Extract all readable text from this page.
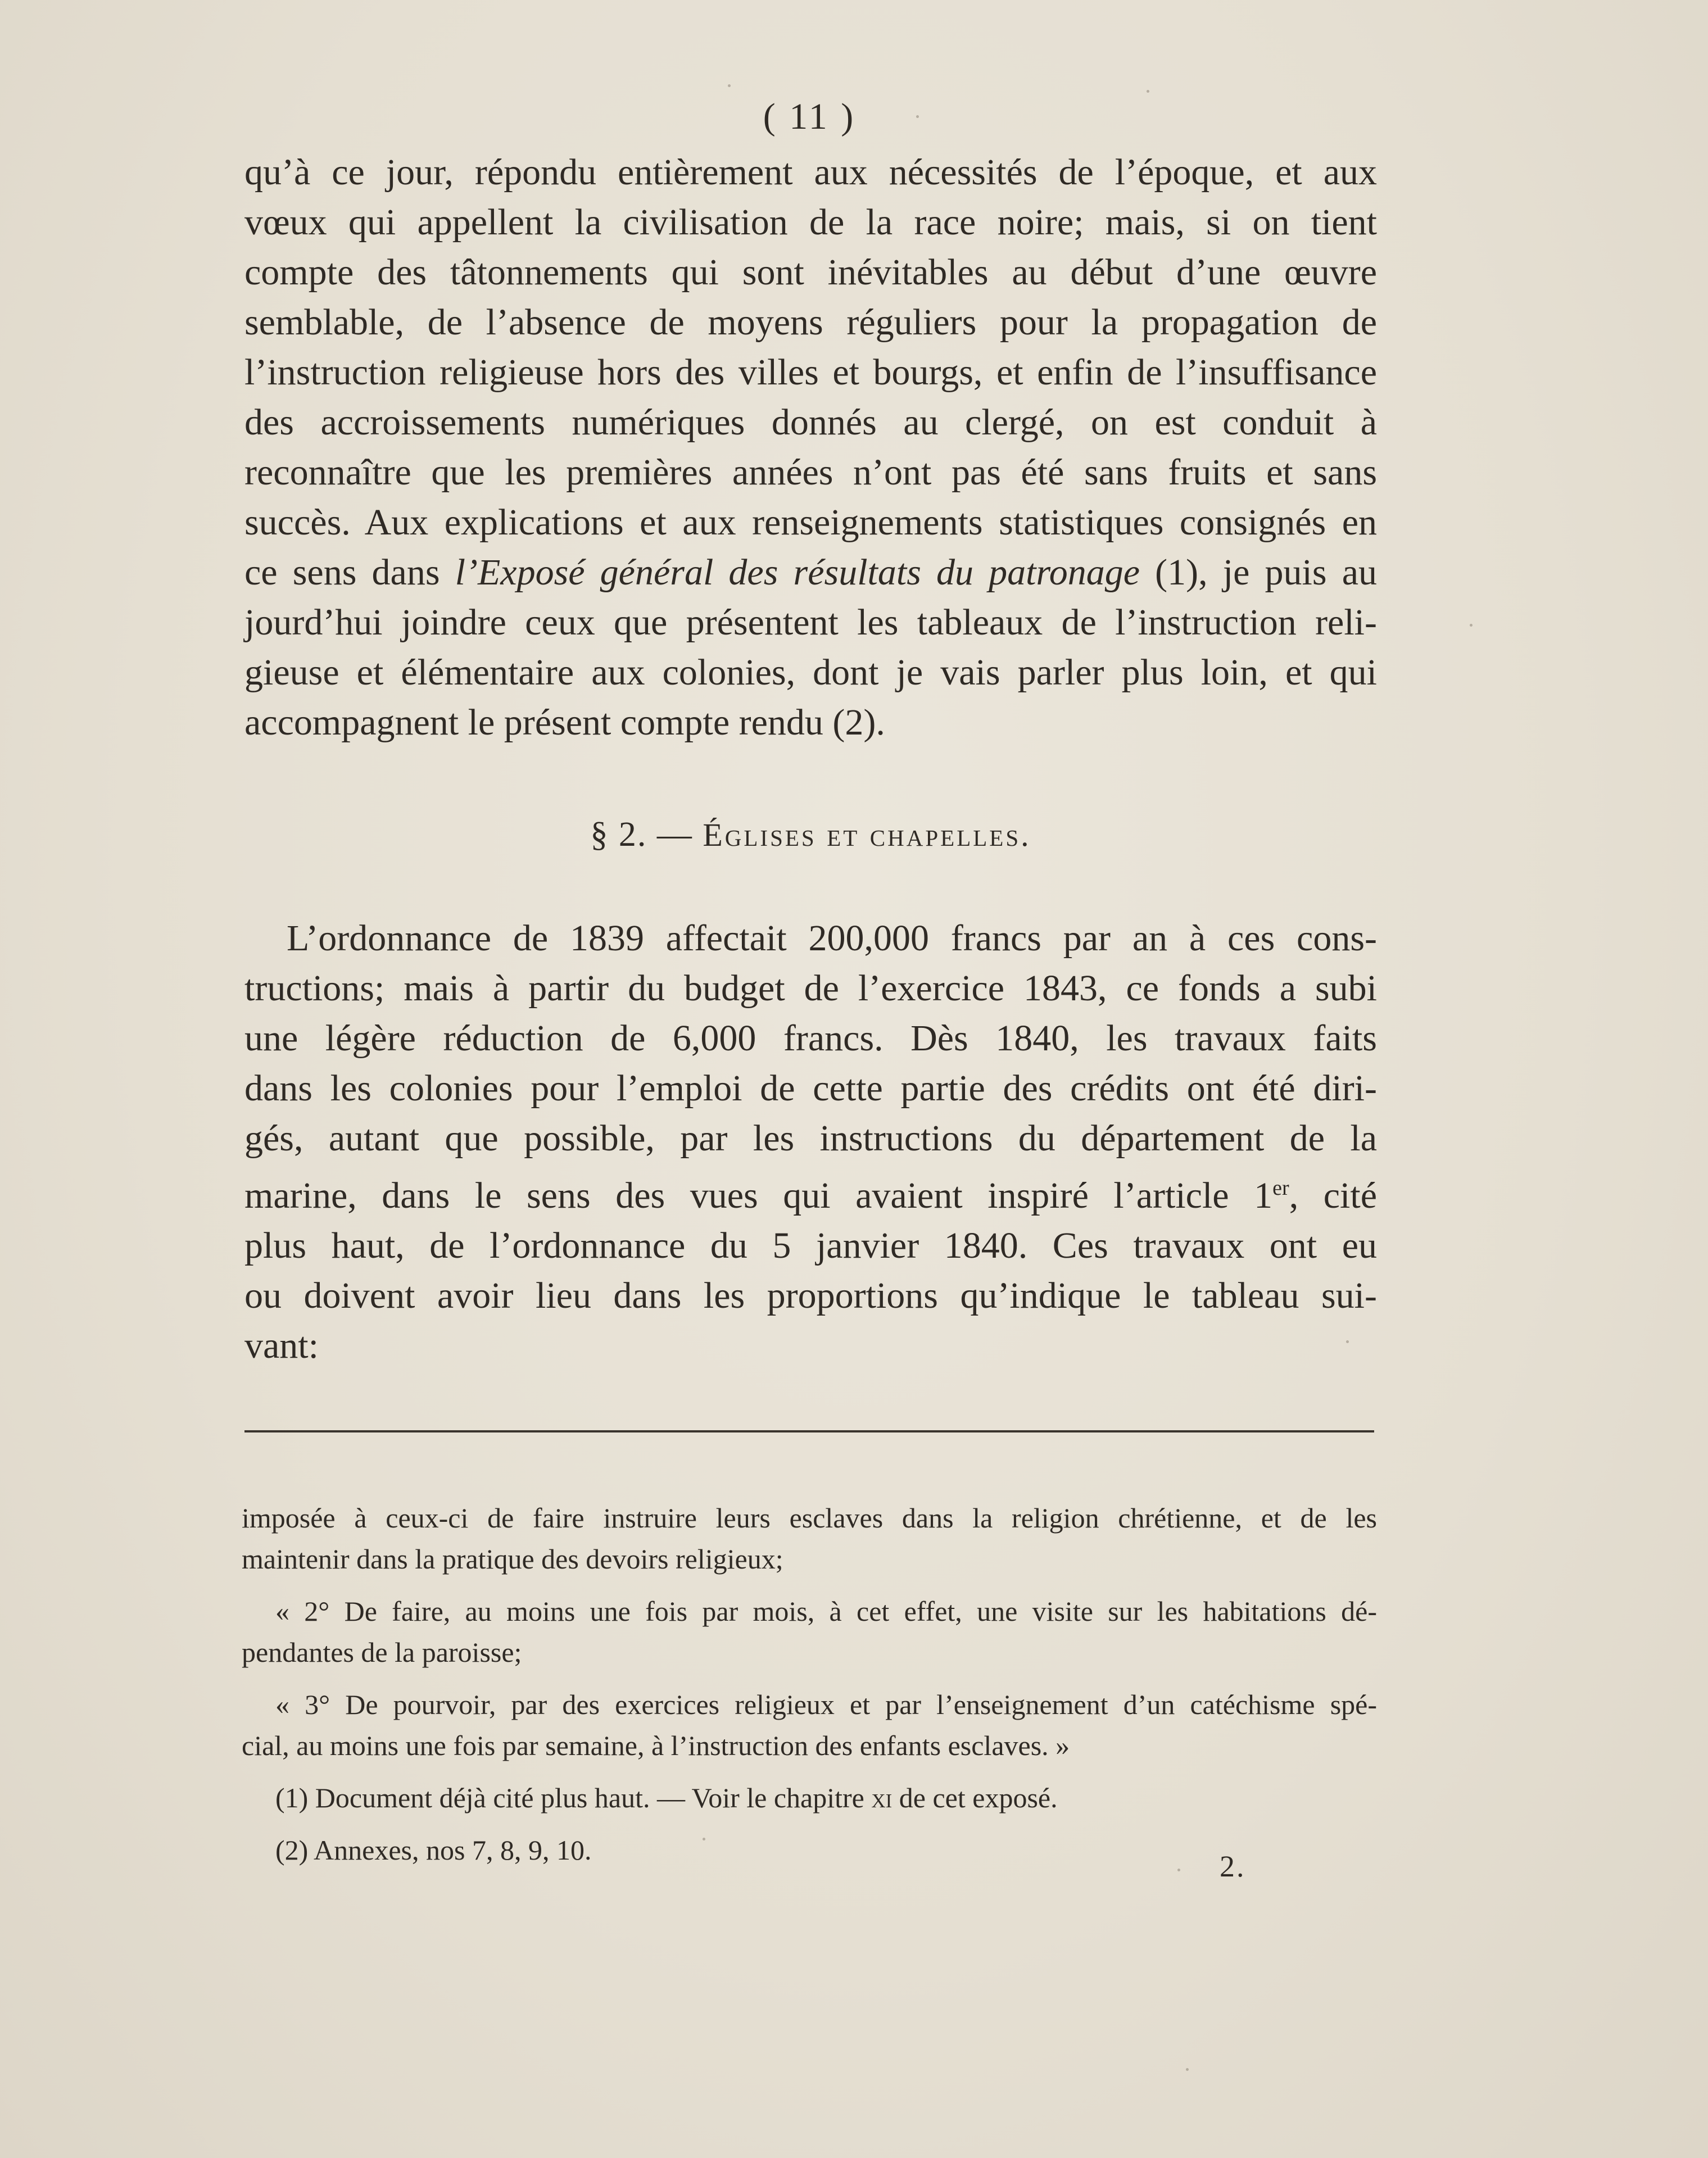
( 11 )

qu’à ce jour, répondu entièrement aux nécessités de l’époque, et aux
vœux qui appellent la civilisation de la race noire; mais, si on tient
compte des tâtonnements qui sont inévitables au début d’une œuvre
semblable, de l’absence de moyens réguliers pour la propagation de
l’instruction religieuse hors des villes et bourgs, et enfin de l’insuffisance
des accroissements numériques donnés au clergé, on est conduit à
reconnaître que les premières années n’ont pas été sans fruits et sans
succès. Aux explications et aux renseignements statistiques consignés en
ce sens dans l’Exposé général des résultats du patronage (1), je puis au
jourd’hui joindre ceux que présentent les tableaux de l’instruction reli-
gieuse et élémentaire aux colonies, dont je vais parler plus loin, et qui
accompagnent le présent compte rendu (2).

§ 2. — Églises et chapelles.

L’ordonnance de 1839 affectait 200,000 francs par an à ces cons-
tructions; mais à partir du budget de l’exercice 1843, ce fonds a subi
une légère réduction de 6,000 francs. Dès 1840, les travaux faits
dans les colonies pour l’emploi de cette partie des crédits ont été diri-
gés, autant que possible, par les instructions du département de la
marine, dans le sens des vues qui avaient inspiré l’article 1er, cité
plus haut, de l’ordonnance du 5 janvier 1840. Ces travaux ont eu
ou doivent avoir lieu dans les proportions qu’indique le tableau sui-
vant:

imposée à ceux-ci de faire instruire leurs esclaves dans la religion chrétienne, et de les
maintenir dans la pratique des devoirs religieux;

« 2° De faire, au moins une fois par mois, à cet effet, une visite sur les habitations dé-
pendantes de la paroisse;

« 3° De pourvoir, par des exercices religieux et par l’enseignement d’un catéchisme spé-
cial, au moins une fois par semaine, à l’instruction des enfants esclaves. »

(1) Document déjà cité plus haut. — Voir le chapitre xi de cet exposé.

(2) Annexes, nos 7, 8, 9, 10.	2.
